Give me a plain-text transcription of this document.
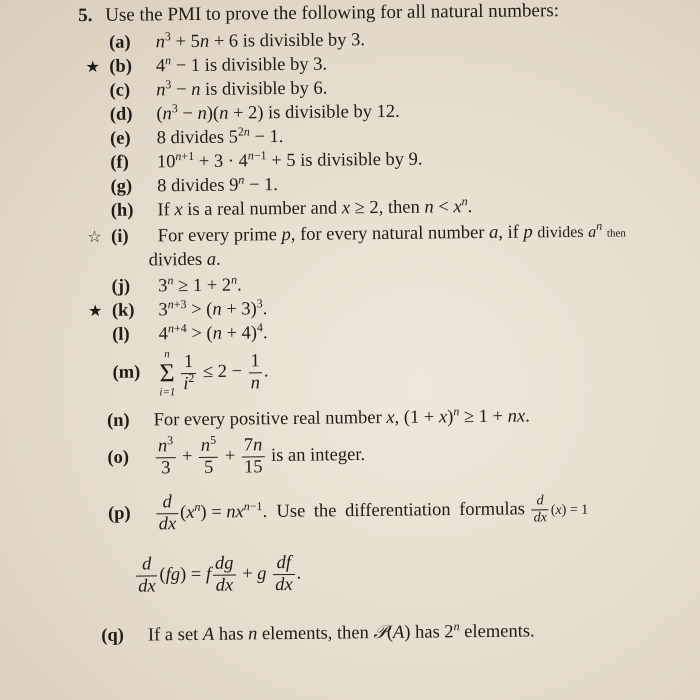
5. Use the PMI to prove the following for all natural numbers:
(a) $n^3 + 5n + 6$ is divisible by 3.
★ (b) $4^n - 1$ is divisible by 3.
(c) $n^3 - n$ is divisible by 6.
(d) $(n^3 - n)(n + 2)$ is divisible by 12.
(e) 8 divides $5^{2n} - 1$.
(f) $10^{n+1} + 3 \cdot 4^{n-1} + 5$ is divisible by 9.
(g) 8 divides $9^n - 1$.
(h) If x is a real number and x ≥ 2, then $n < x^n$.
☆ (i) For every prime p, for every natural number a, if p divides $a^n$ then
divides a.
(j) $3^n \ge 1 + 2^n$.
★ (k) $3^{n+3} > (n + 3)^3$.
(l) $4^{n+4} > (n + 4)^4$.
(m)
n
Σ
$i=1 \frac{1}{i^2} \le 2 - \frac{1}{n}$ .
(n) For every positive real number x, $(1 + x)^n \ge 1$ + nx.
$(o) \frac{n^3}{3} + \frac{n^5}{5} + \frac{7n}{15}$ is an integer.
$(p) \frac{d}{dx} (x^n) = nx^{n-1}$.  Use the differentiation formulas $\frac{d}{dx} (x) = 1$
$\frac{d}{dx} (fg) = f \frac{dg}{dx} + g \frac{df}{dx}$ .
(q) If a set A has n elements, then 𝒫(A) has 2$^n$ elements.
